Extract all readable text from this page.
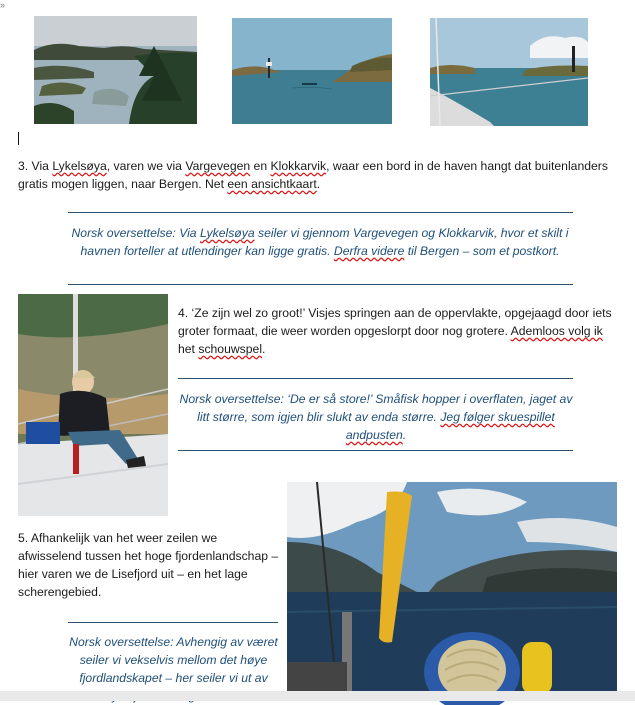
»
3. Via Lykelsøya, varen we via Vargevegen en Klokkarvik, waar een bord in de haven hangt dat buitenlanders gratis mogen liggen, naar Bergen. Net een ansichtkaart.
Norsk oversettelse: Via Lykelsøya seiler vi gjennom Vargevegen og Klokkarvik, hvor et skilt i havnen forteller at utlendinger kan ligge gratis. Derfra videre til Bergen – som et postkort.
4. ‘Ze zijn wel zo groot!’ Visjes springen aan de oppervlakte, opgejaagd door iets groter formaat, die weer worden opgeslorpt door nog grotere. Ademloos volg ik het schouwspel.
Norsk oversettelse: ‘De er så store!’ Småfisk hopper i overflaten, jaget av litt større, som igjen blir slukt av enda større. Jeg følger skuespillet andpusten.
5. Afhankelijk van het weer zeilen we afwisselend tussen het hoge fjordenlandschap – hier varen we de Lisefjord uit – en het lage scherengebied.
Norsk oversettelse: Avhengig av været seiler vi vekselvis mellom det høye fjordlandskapet – her seiler vi ut av
